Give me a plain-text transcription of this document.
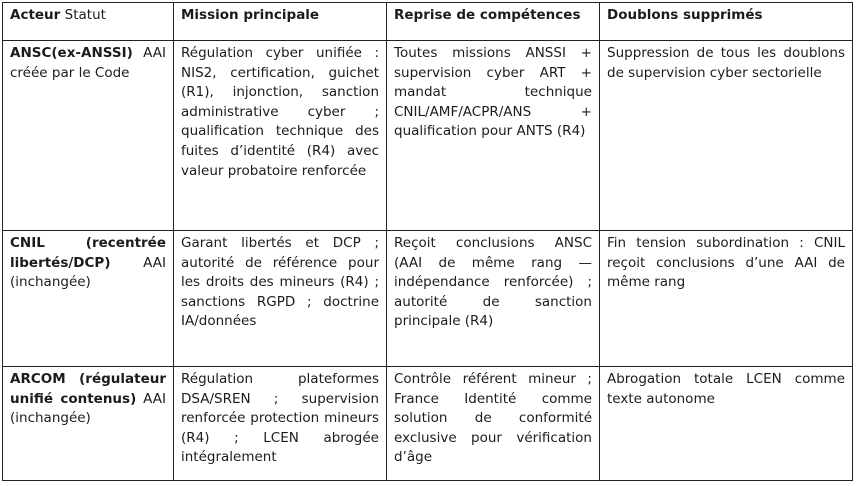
Acteur Statut	Mission principale	Reprise de compétences	Doublons supprimés
ANSC(ex-ANSSI) AAI créée par le Code	Régulation cyber unifiée : NIS2, certification, guichet (R1), injonction, sanction administrative cyber ; qualification technique des fuites d’identité (R4) avec valeur probatoire renforcée	Toutes missions ANSSI + supervision cyber ART + mandat technique CNIL/AMF/ACPR/ANS + qualification pour ANTS (R4)	Suppression de tous les doublons de supervision cyber sectorielle
CNIL (recentrée libertés/DCP) AAI (inchangée)	Garant libertés et DCP ; autorité de référence pour les droits des mineurs (R4) ; sanctions RGPD ; doctrine IA/données	Reçoit conclusions ANSC (AAI de même rang — indépendance renforcée) ; autorité de sanction principale (R4)	Fin tension subordination : CNIL reçoit conclusions d’une AAI de même rang
ARCOM (régulateur unifié contenus) AAI (inchangée)	Régulation plateformes DSA/SREN ; supervision renforcée protection mineurs (R4) ; LCEN abrogée intégralement	Contrôle référent mineur ; France Identité comme solution de conformité exclusive pour vérification d’âge	Abrogation totale LCEN comme texte autonome
